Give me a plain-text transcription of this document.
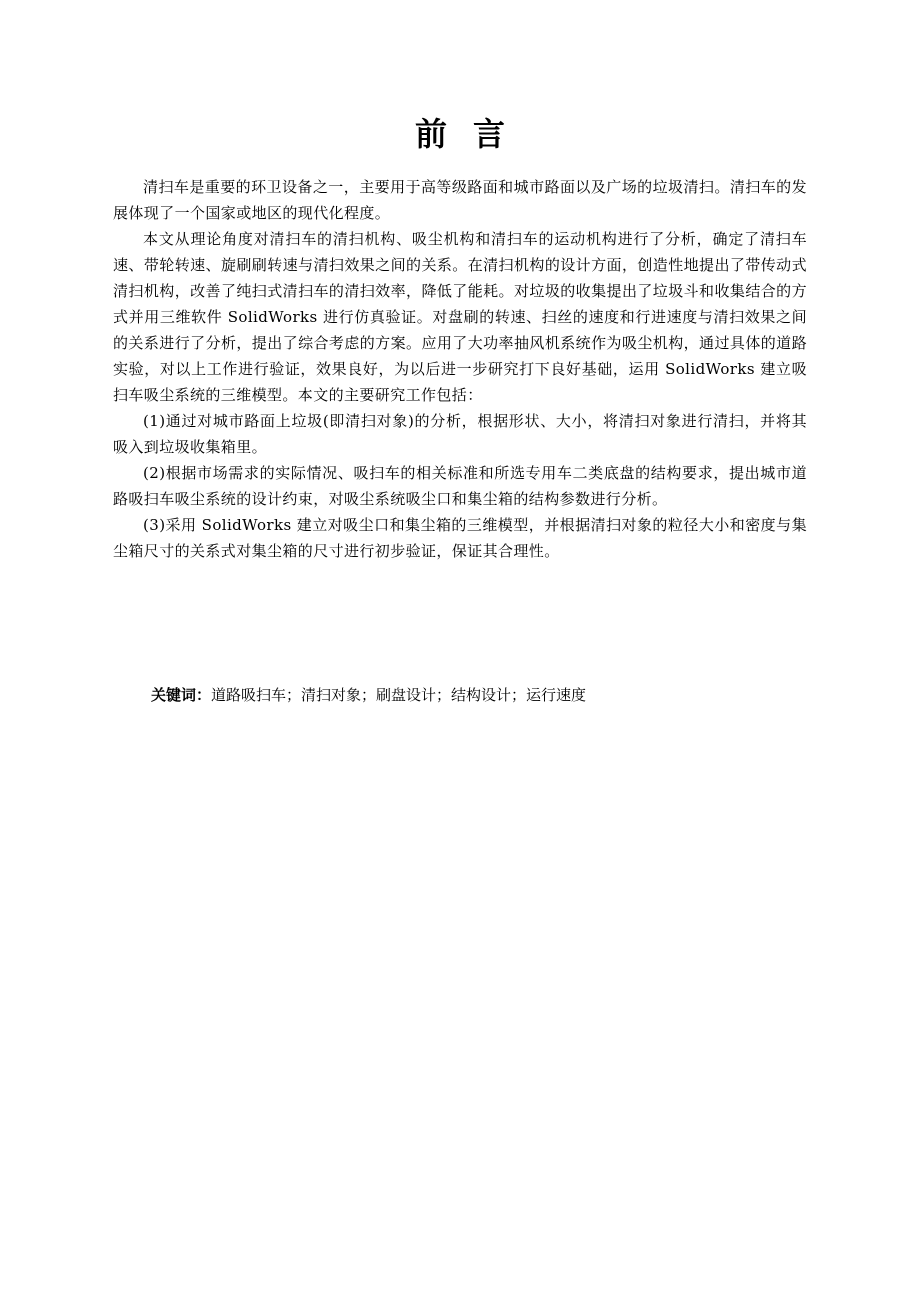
前言

清扫车是重要的环卫设备之一，主要用于高等级路面和城市路面以及广场的垃圾清扫。清扫车的发展体现了一个国家或地区的现代化程度。

本文从理论角度对清扫车的清扫机构、吸尘机构和清扫车的运动机构进行了分析，确定了清扫车速、带轮转速、旋刷刷转速与清扫效果之间的关系。在清扫机构的设计方面，创造性地提出了带传动式清扫机构，改善了纯扫式清扫车的清扫效率，降低了能耗。对垃圾的收集提出了垃圾斗和收集结合的方式并用三维软件 SolidWorks 进行仿真验证。对盘刷的转速、扫丝的速度和行进速度与清扫效果之间的关系进行了分析，提出了综合考虑的方案。应用了大功率抽风机系统作为吸尘机构，通过具体的道路实验，对以上工作进行验证，效果良好，为以后进一步研究打下良好基础，运用 SolidWorks 建立吸扫车吸尘系统的三维模型。本文的主要研究工作包括：

(1)通过对城市路面上垃圾(即清扫对象)的分析，根据形状、大小，将清扫对象进行清扫，并将其吸入到垃圾收集箱里。

(2)根据市场需求的实际情况、吸扫车的相关标准和所选专用车二类底盘的结构要求，提出城市道路吸扫车吸尘系统的设计约束，对吸尘系统吸尘口和集尘箱的结构参数进行分析。

(3)采用 SolidWorks 建立对吸尘口和集尘箱的三维模型，并根据清扫对象的粒径大小和密度与集尘箱尺寸的关系式对集尘箱的尺寸进行初步验证，保证其合理性。

关键词：道路吸扫车；清扫对象；刷盘设计；结构设计；运行速度
